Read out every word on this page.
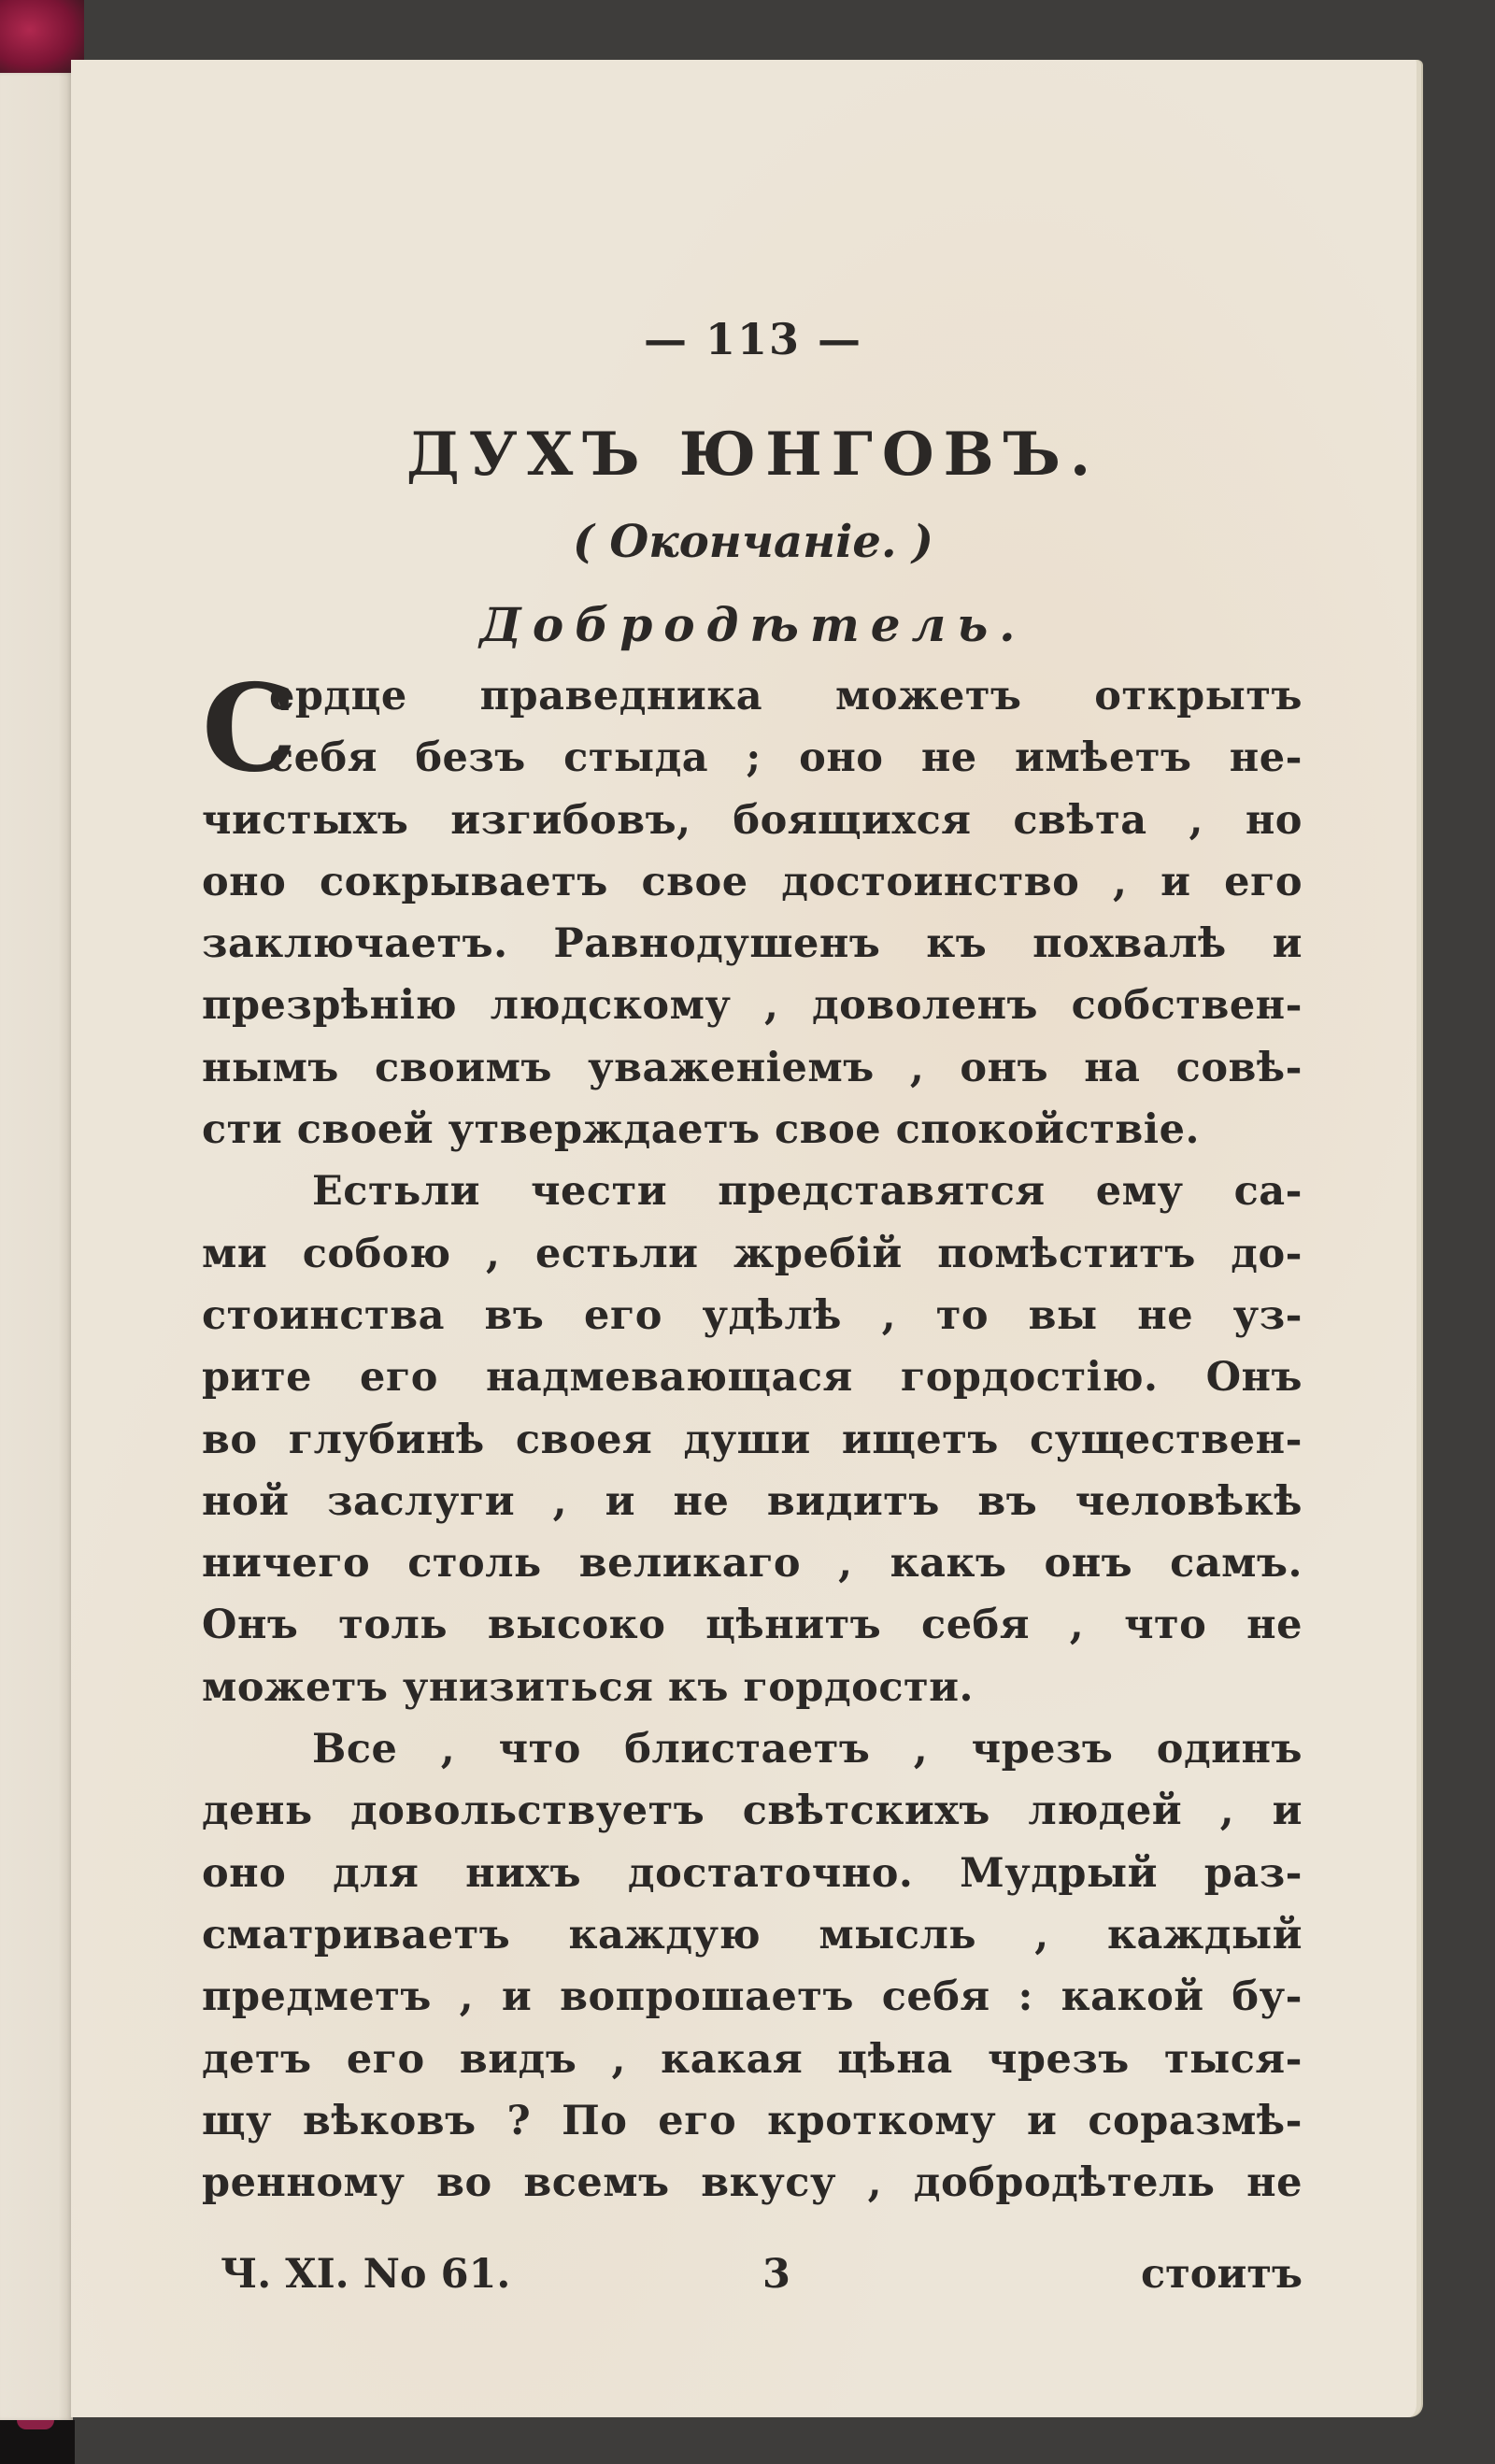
— 113 —
ДУХЪ ЮНГОВЪ.
( Окончаніе. )
Добродѣтель.
С
ердце праведника можетъ открытъ
себя безъ стыда ; оно не имѣетъ не-
чистыхъ изгибовъ, боящихся свѣта , но
оно сокрываетъ свое достоинство , и его
заключаетъ. Равнодушенъ къ похвалѣ и
презрѣнію людскому , доволенъ собствен-
нымъ своимъ уваженіемъ , онъ на совѣ-
сти своей утверждаетъ свое спокойствіе.
Естьли чести представятся ему са-
ми собою , естьли жребій помѣститъ до-
стоинства въ его удѣлѣ , то вы не уз-
рите его надмевающася гордостію. Онъ
во глубинѣ своея души ищетъ существен-
ной заслуги , и не видитъ въ человѣкѣ
ничего столь великаго , какъ онъ самъ.
Онъ толь высоко цѣнитъ себя , что не
можетъ унизиться къ гордости.
Все , что блистаетъ , чрезъ одинъ
день довольствуетъ свѣтскихъ людей , и
оно для нихъ достаточно. Мудрый раз-
сматриваетъ каждую мысль , каждый
предметъ , и вопрошаетъ себя : какой бу-
детъ его видъ , какая цѣна чрезъ тыся-
щу вѣковъ ? По его кроткому и соразмѣ-
ренному во всемъ вкусу , добродѣтель не
Ч. XI. No 61.	3	стоитъ
